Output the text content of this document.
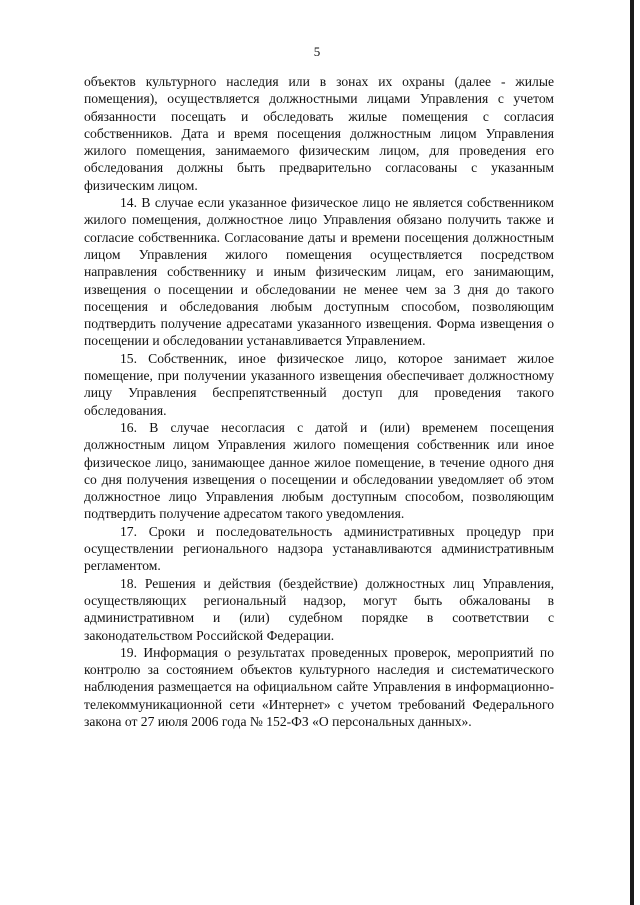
5

объектов культурного наследия или в зонах их охраны (далее - жилые помещения), осуществляется должностными лицами Управления с учетом обязанности посещать и обследовать жилые помещения с согласия собственников. Дата и время посещения должностным лицом Управления жилого помещения, занимаемого физическим лицом, для проведения его обследования должны быть предварительно согласованы с указанным физическим лицом.

14. В случае если указанное физическое лицо не является собственником жилого помещения, должностное лицо Управления обязано получить также и согласие собственника. Согласование даты и времени посещения должностным лицом Управления жилого помещения осуществляется посредством направления собственнику и иным физическим лицам, его занимающим, извещения о посещении и обследовании не менее чем за 3 дня до такого посещения и обследования любым доступным способом, позволяющим подтвердить получение адресатами указанного извещения. Форма извещения о посещении и обследовании устанавливается Управлением.

15. Собственник, иное физическое лицо, которое занимает жилое помещение, при получении указанного извещения обеспечивает должностному лицу Управления беспрепятственный доступ для проведения такого обследования.

16. В случае несогласия с датой и (или) временем посещения должностным лицом Управления жилого помещения собственник или иное физическое лицо, занимающее данное жилое помещение, в течение одного дня со дня получения извещения о посещении и обследовании уведомляет об этом должностное лицо Управления любым доступным способом, позволяющим подтвердить получение адресатом такого уведомления.

17. Сроки и последовательность административных процедур при осуществлении регионального надзора устанавливаются административным регламентом.

18. Решения и действия (бездействие) должностных лиц Управления, осуществляющих региональный надзор, могут быть обжалованы в административном и (или) судебном порядке в соответствии с законодательством Российской Федерации.

19. Информация о результатах проведенных проверок, мероприятий по контролю за состоянием объектов культурного наследия и систематического наблюдения размещается на официальном сайте Управления в информационно-телекоммуникационной сети «Интернет» с учетом требований Федерального закона от 27 июля 2006 года № 152-ФЗ «О персональных данных».
